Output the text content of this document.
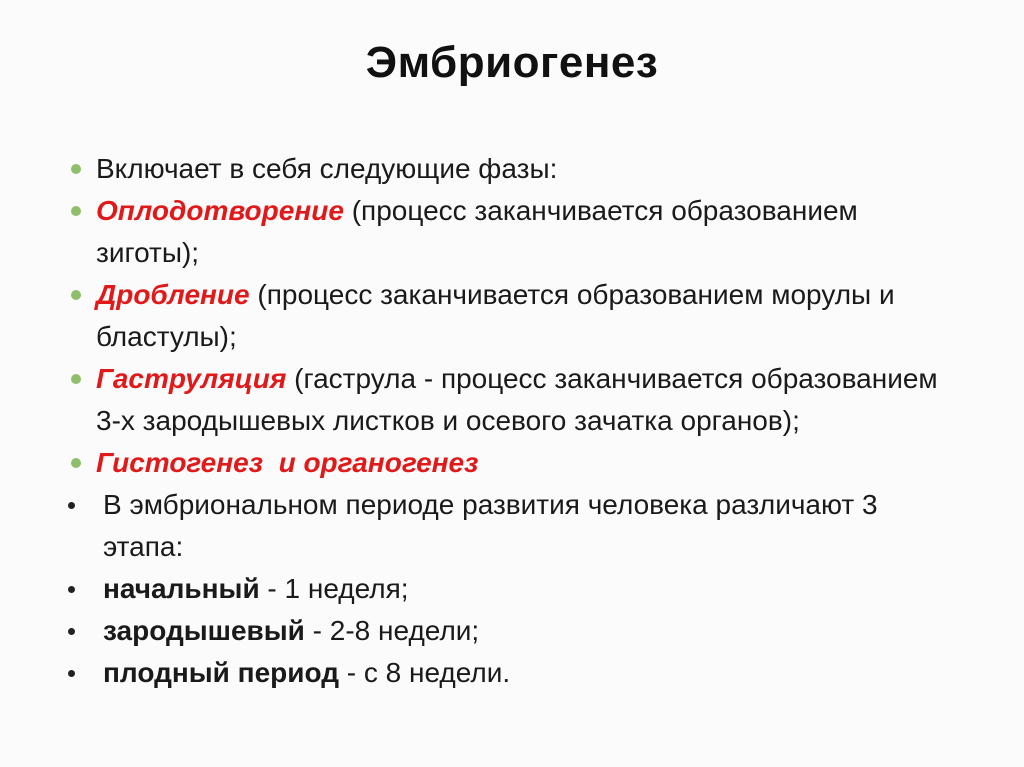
Эмбриогенез
Включает в себя следующие фазы:
Оплодотворение (процесс заканчивается образованием зиготы);
Дробление (процесс заканчивается образованием морулы и бластулы);
Гаструляция (гаструла - процесс заканчивается образованием 3-х зародышевых листков и осевого зачатка органов);
Гистогенез  и органогенез
В эмбриональном периоде развития человека различают 3 этапа:
начальный - 1 неделя;
зародышевый - 2-8 недели;
плодный период - с 8 недели.
